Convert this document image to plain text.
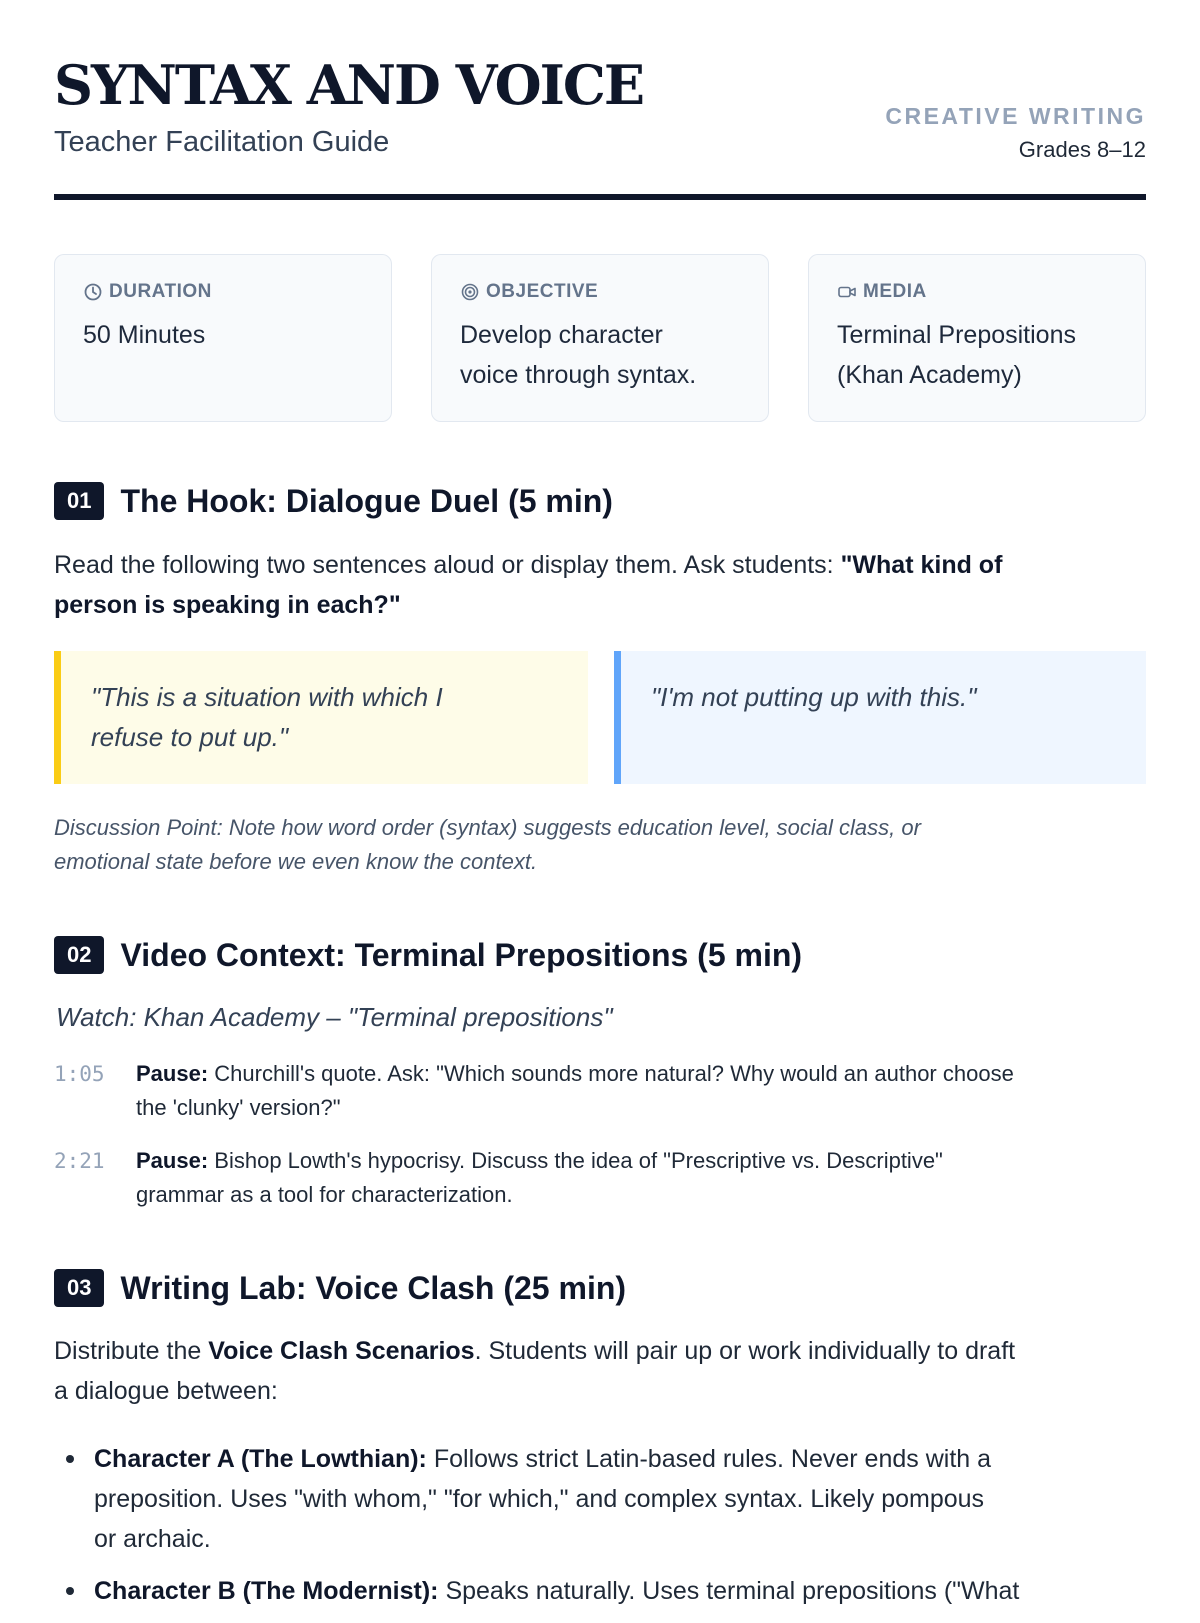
SYNTAX AND VOICE
Teacher Facilitation Guide
CREATIVE WRITING
Grades 8–12
DURATION
50 Minutes
OBJECTIVE
Develop character
voice through syntax.
MEDIA
Terminal Prepositions
(Khan Academy)
01 The Hook: Dialogue Duel (5 min)
Read the following two sentences aloud or display them. Ask students: "What kind of
person is speaking in each?"
"This is a situation with which I
refuse to put up."
"I'm not putting up with this."
Discussion Point: Note how word order (syntax) suggests education level, social class, or
emotional state before we even know the context.
02 Video Context: Terminal Prepositions (5 min)
Watch: Khan Academy – "Terminal prepositions"
1:05	Pause: Churchill's quote. Ask: "Which sounds more natural? Why would an author choose
the 'clunky' version?"
2:21	Pause: Bishop Lowth's hypocrisy. Discuss the idea of "Prescriptive vs. Descriptive"
grammar as a tool for characterization.
03 Writing Lab: Voice Clash (25 min)
Distribute the Voice Clash Scenarios. Students will pair up or work individually to draft
a dialogue between:
Character A (The Lowthian): Follows strict Latin-based rules. Never ends with a
preposition. Uses "with whom," "for which," and complex syntax. Likely pompous
or archaic.
Character B (The Modernist): Speaks naturally. Uses terminal prepositions ("What
